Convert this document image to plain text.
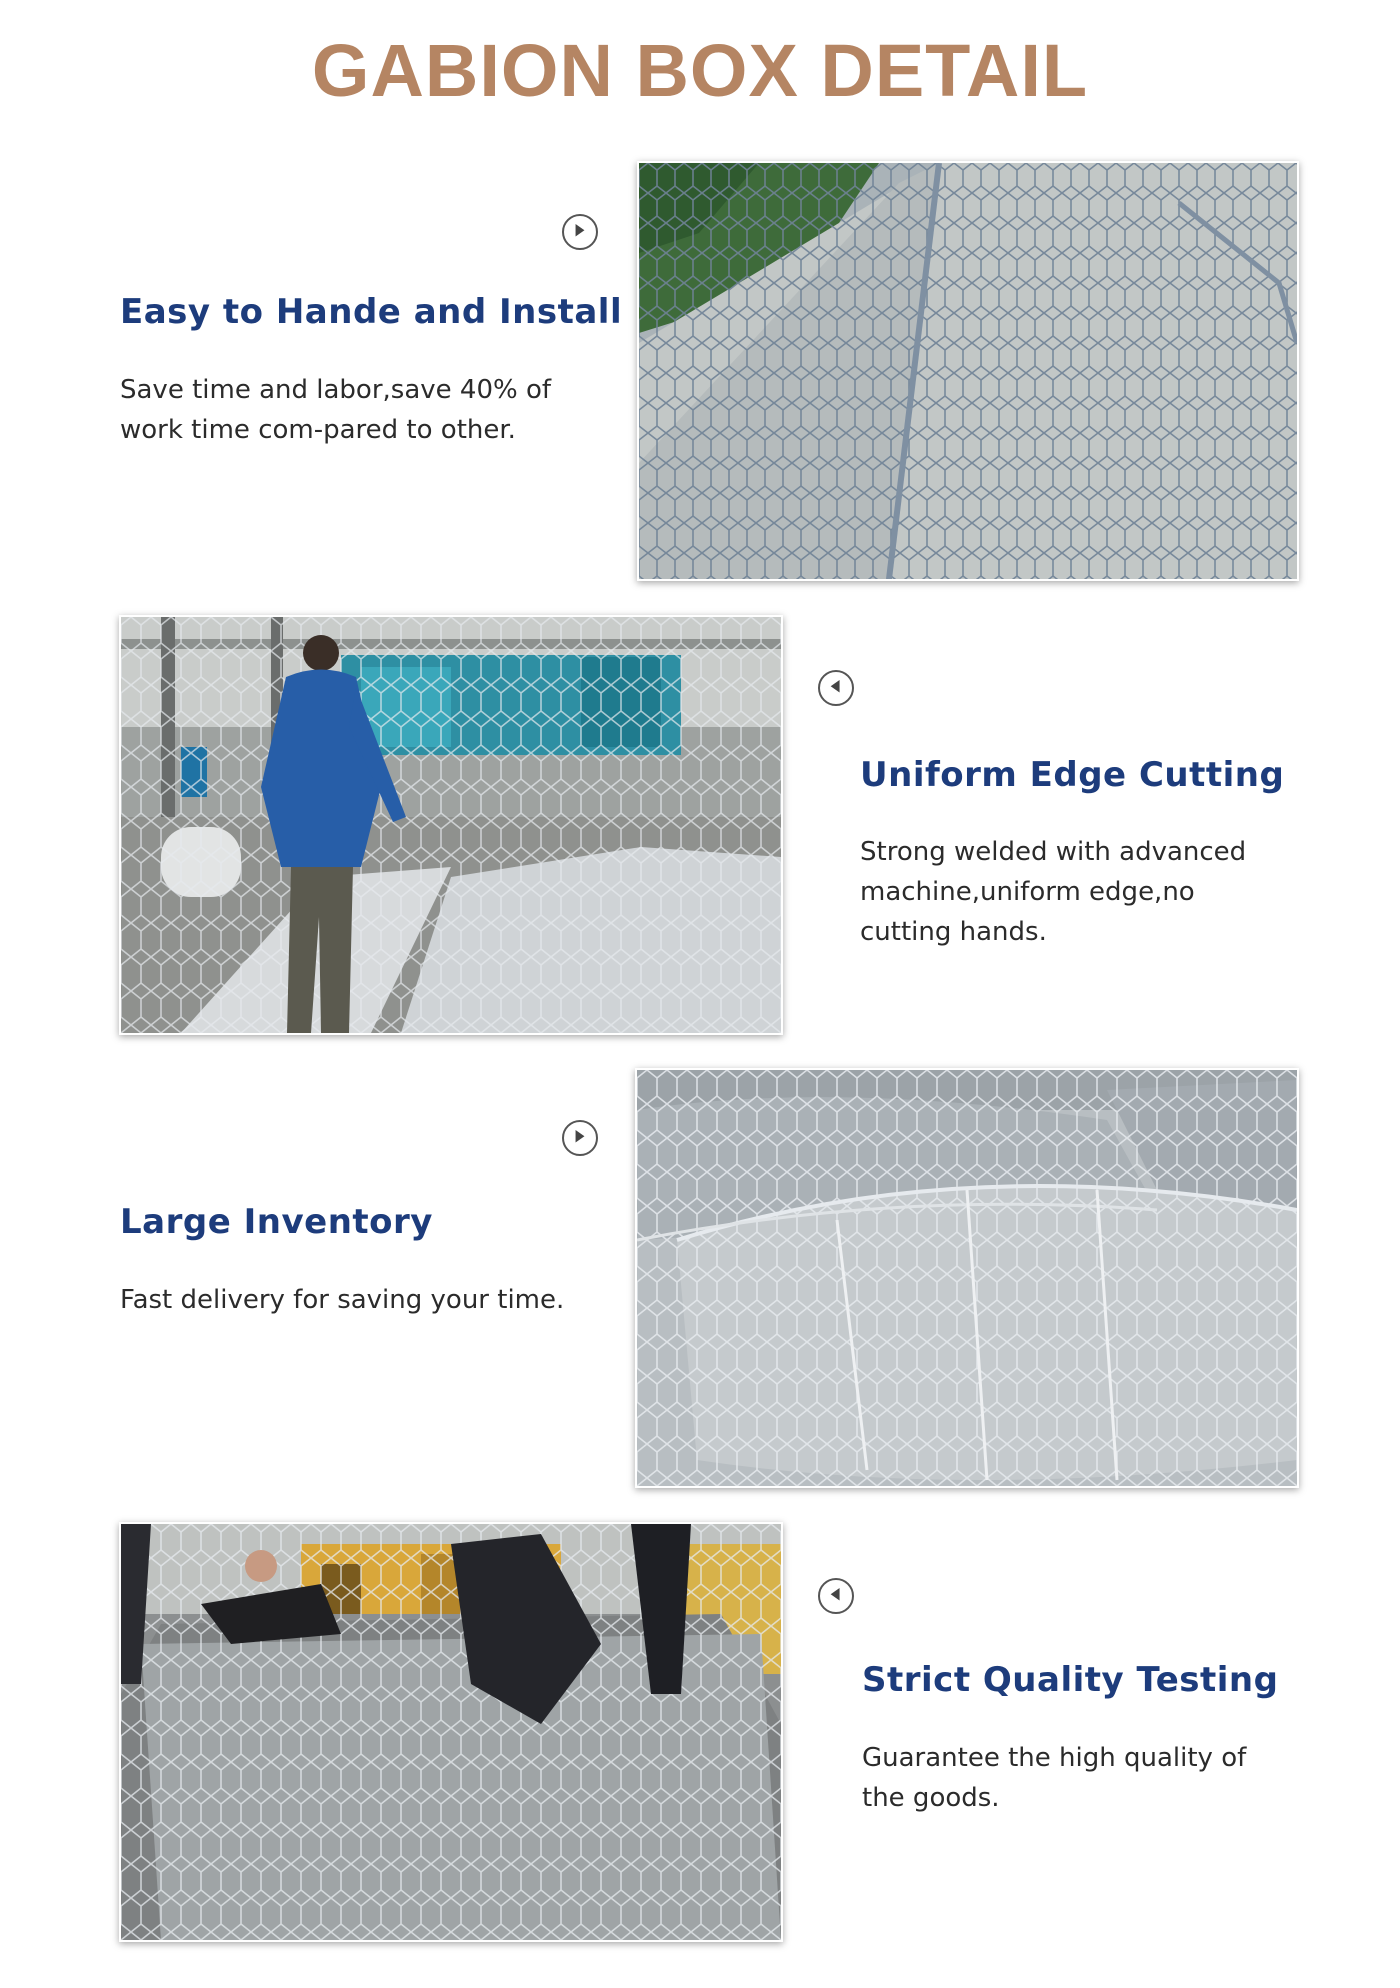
GABION BOX DETAIL
Easy to Hande and Install

Save time and labor,save 40% of work time com-pared to other.

Uniform Edge Cutting

Strong welded with advanced machine,uniform edge,no cutting hands.

Large Inventory

Fast delivery for saving your time.

Strict Quality Testing

Guarantee the high quality of the goods.
